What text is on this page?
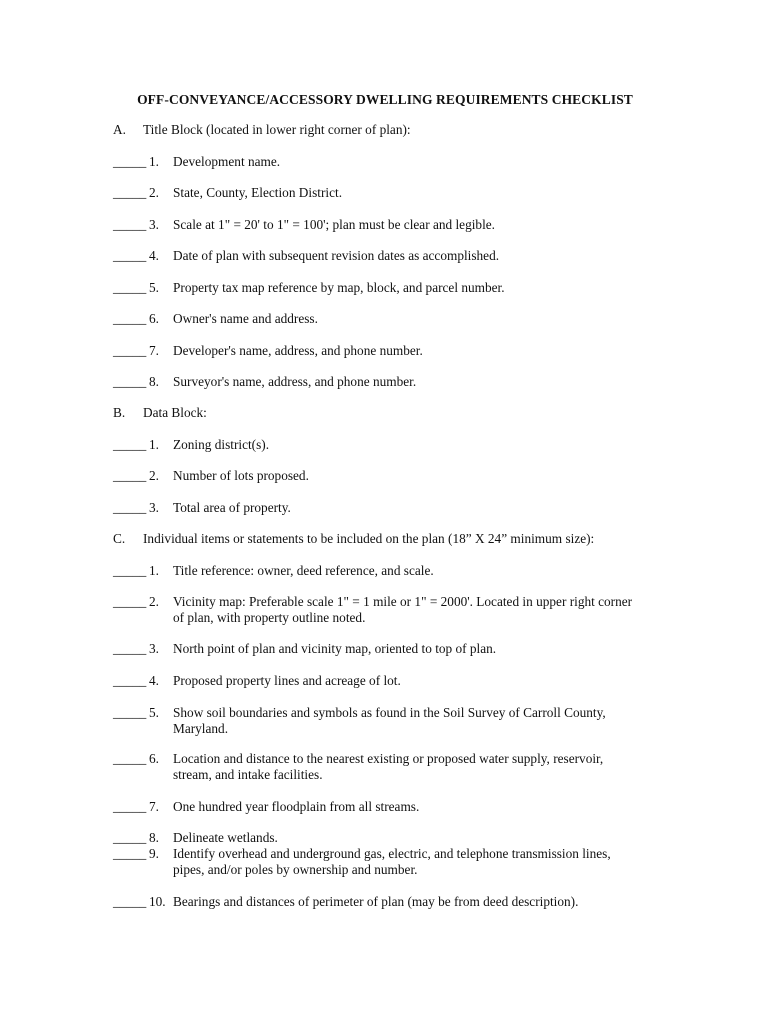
OFF-CONVEYANCE/ACCESSORY DWELLING REQUIREMENTS CHECKLIST
A. Title Block (located in lower right corner of plan):
_____ 1. Development name.
_____ 2. State, County, Election District.
_____ 3. Scale at 1" = 20' to 1" = 100'; plan must be clear and legible.
_____ 4. Date of plan with subsequent revision dates as accomplished.
_____ 5. Property tax map reference by map, block, and parcel number.
_____ 6. Owner's name and address.
_____ 7. Developer's name, address, and phone number.
_____ 8. Surveyor's name, address, and phone number.
B. Data Block:
_____ 1. Zoning district(s).
_____ 2. Number of lots proposed.
_____ 3. Total area of property.
C. Individual items or statements to be included on the plan (18” X 24” minimum size):
_____ 1. Title reference: owner, deed reference, and scale.
_____ 2. Vicinity map: Preferable scale 1" = 1 mile or 1" = 2000'. Located in upper right corner of plan, with property outline noted.
_____ 3. North point of plan and vicinity map, oriented to top of plan.
_____ 4. Proposed property lines and acreage of lot.
_____ 5. Show soil boundaries and symbols as found in the Soil Survey of Carroll County, Maryland.
_____ 6. Location and distance to the nearest existing or proposed water supply, reservoir, stream, and intake facilities.
_____ 7. One hundred year floodplain from all streams.
_____ 8. Delineate wetlands.
_____ 9. Identify overhead and underground gas, electric, and telephone transmission lines, pipes, and/or poles by ownership and number.
_____ 10. Bearings and distances of perimeter of plan (may be from deed description).
